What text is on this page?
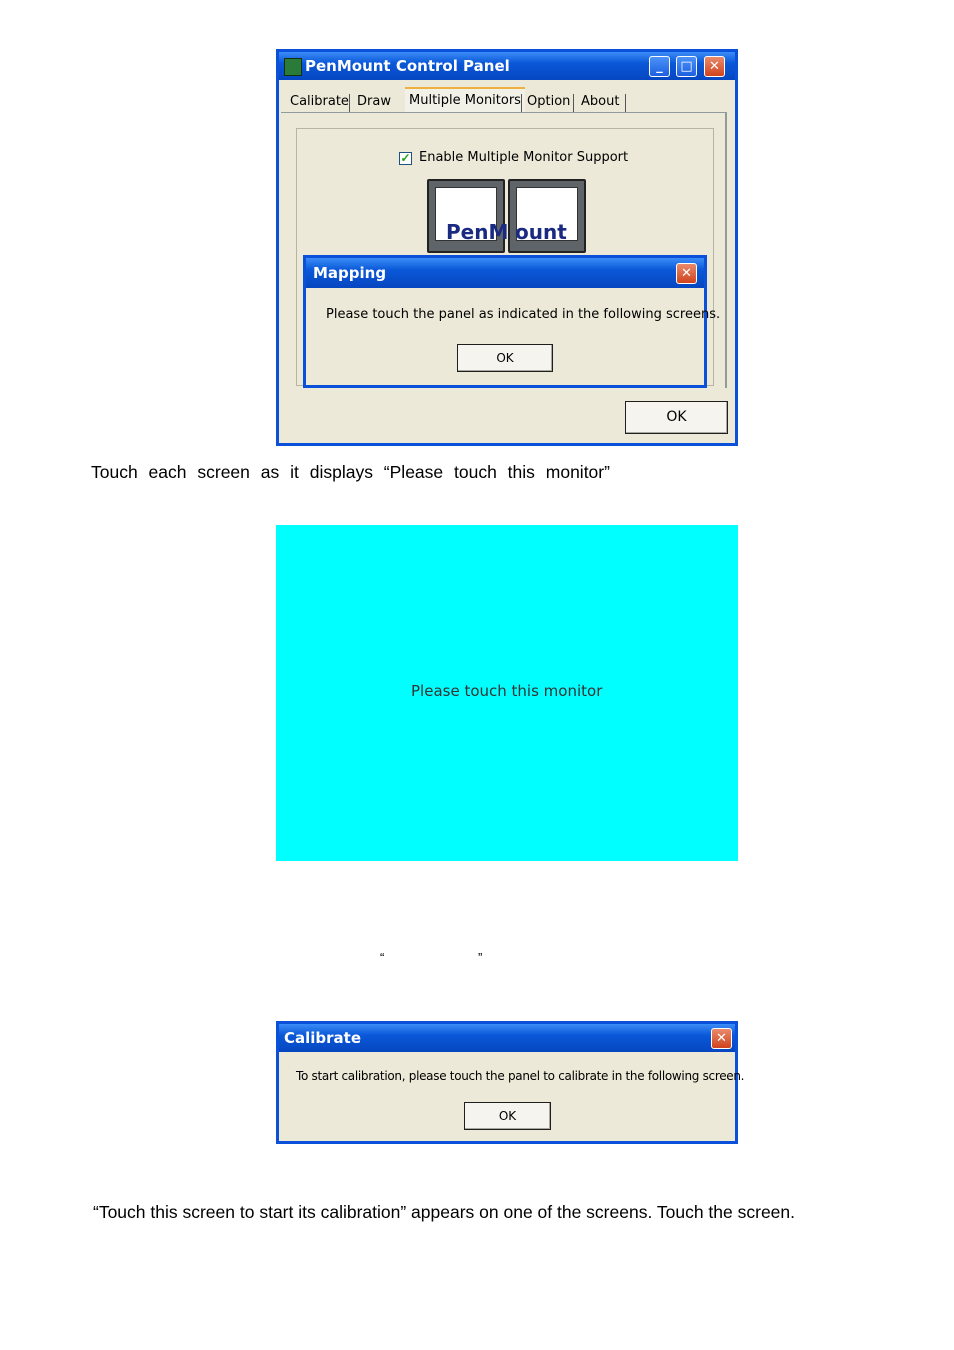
PenMount Control Panel	_	□	✕
Calibrate Draw	Multiple Monitors Option About
✓ Enable Multiple Monitor Support
PenM ount
OK
Mapping	✕
Please touch the panel as indicated in the following screens.
OK
Touch each screen as it displays “Please touch this monitor”
Please touch this monitor
“	”
Calibrate	✕
To start calibration, please touch the panel to calibrate in the following screen.
OK
“Touch this screen to start its calibration” appears on one of the screens. Touch the screen.
